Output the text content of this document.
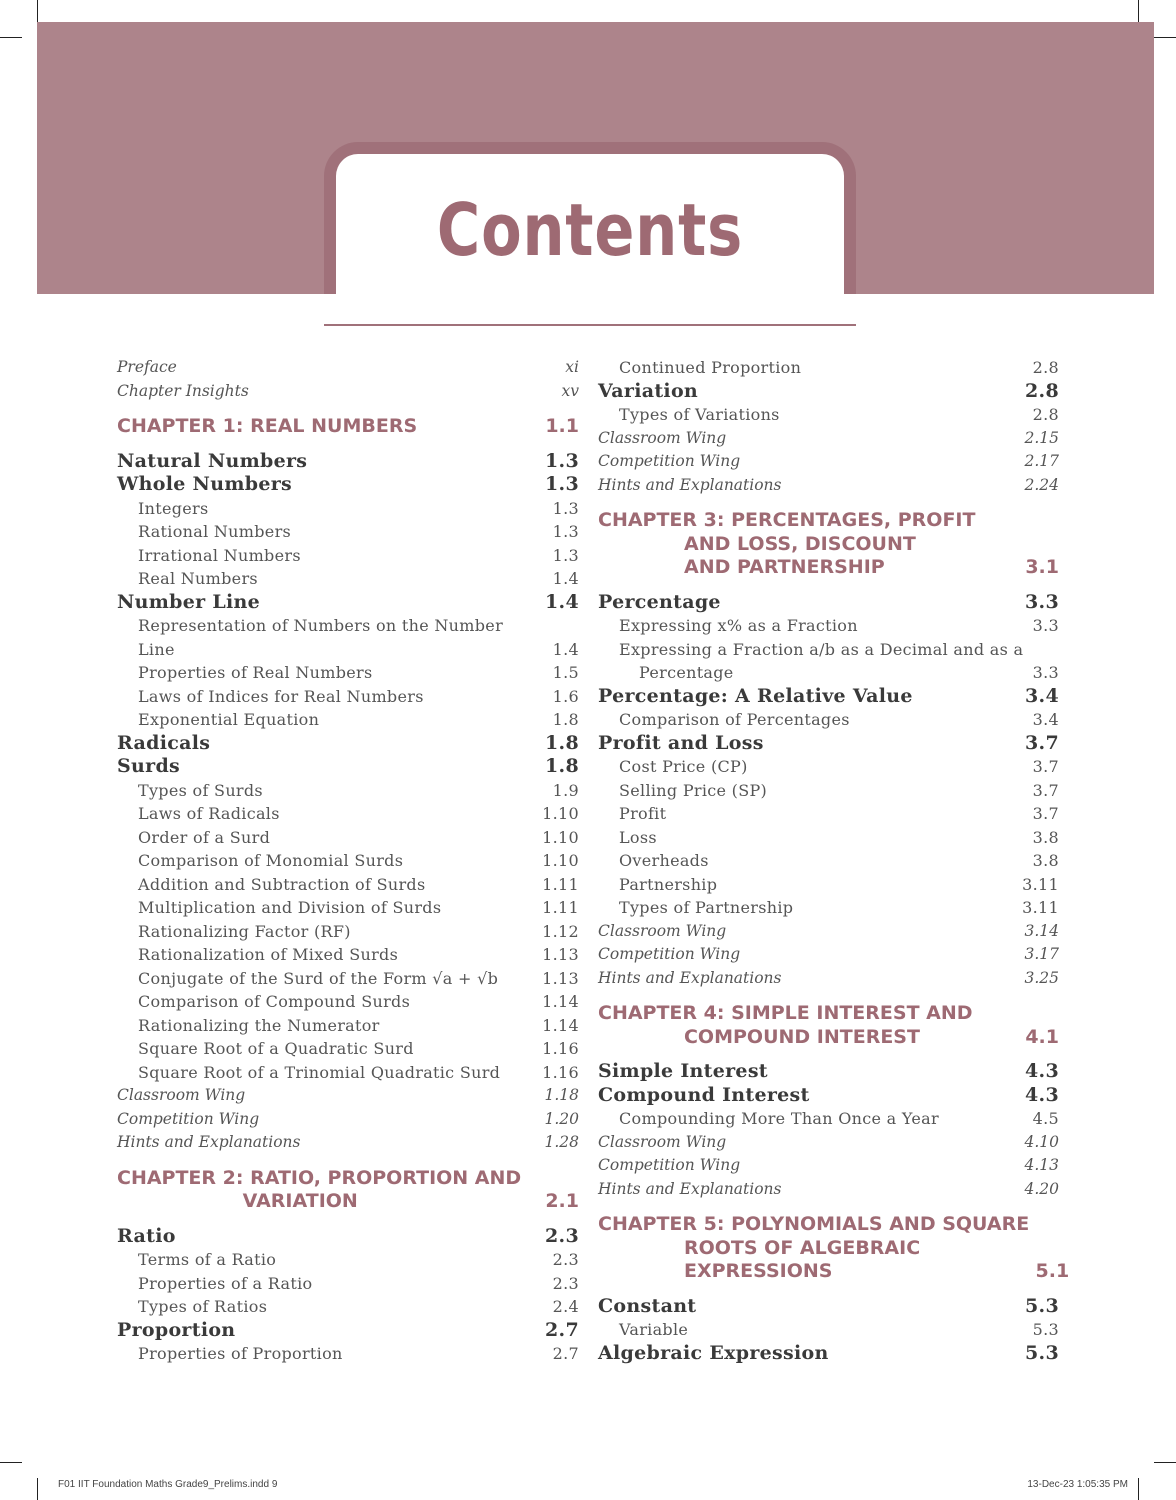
Contents
Preface	xi
Chapter Insights	xv
CHAPTER 1: REAL NUMBERS	1.1
Natural Numbers	1.3
Whole Numbers	1.3
Integers	1.3
Rational Numbers	1.3
Irrational Numbers	1.3
Real Numbers	1.4
Number Line	1.4
Representation of Numbers on the Number Line	1.4
Properties of Real Numbers	1.5
Laws of Indices for Real Numbers	1.6
Exponential Equation	1.8
Radicals	1.8
Surds	1.8
Types of Surds	1.9
Laws of Radicals	1.10
Order of a Surd	1.10
Comparison of Monomial Surds	1.10
Addition and Subtraction of Surds	1.11
Multiplication and Division of Surds	1.11
Rationalizing Factor (RF)	1.12
Rationalization of Mixed Surds	1.13
Conjugate of the Surd of the Form √a + √b	1.13
Comparison of Compound Surds	1.14
Rationalizing the Numerator	1.14
Square Root of a Quadratic Surd	1.16
Square Root of a Trinomial Quadratic Surd	1.16
Classroom Wing	1.18
Competition Wing	1.20
Hints and Explanations	1.28
CHAPTER 2: RATIO, PROPORTION AND
VARIATION	2.1
Ratio	2.3
Terms of a Ratio	2.3
Properties of a Ratio	2.3
Types of Ratios	2.4
Proportion	2.7
Properties of Proportion	2.7
Continued Proportion	2.8
Variation	2.8
Types of Variations	2.8
Classroom Wing	2.15
Competition Wing	2.17
Hints and Explanations	2.24
CHAPTER 3: PERCENTAGES, PROFIT
AND LOSS, DISCOUNT
AND PARTNERSHIP	3.1
Percentage	3.3
Expressing x% as a Fraction	3.3
Expressing a Fraction a/b as a Decimal and as a
Percentage	3.3
Percentage: A Relative Value	3.4
Comparison of Percentages	3.4
Profit and Loss	3.7
Cost Price (CP)	3.7
Selling Price (SP)	3.7
Profit	3.7
Loss	3.8
Overheads	3.8
Partnership	3.11
Types of Partnership	3.11
Classroom Wing	3.14
Competition Wing	3.17
Hints and Explanations	3.25
CHAPTER 4: SIMPLE INTEREST AND
COMPOUND INTEREST	4.1
Simple Interest	4.3
Compound Interest	4.3
Compounding More Than Once a Year	4.5
Classroom Wing	4.10
Competition Wing	4.13
Hints and Explanations	4.20
CHAPTER 5: POLYNOMIALS AND SQUARE
ROOTS OF ALGEBRAIC
EXPRESSIONS	5.1
Constant	5.3
Variable	5.3
Algebraic Expression	5.3
F01 IIT Foundation Maths Grade9_Prelims.indd 9	13-Dec-23 1:05:35 PM
